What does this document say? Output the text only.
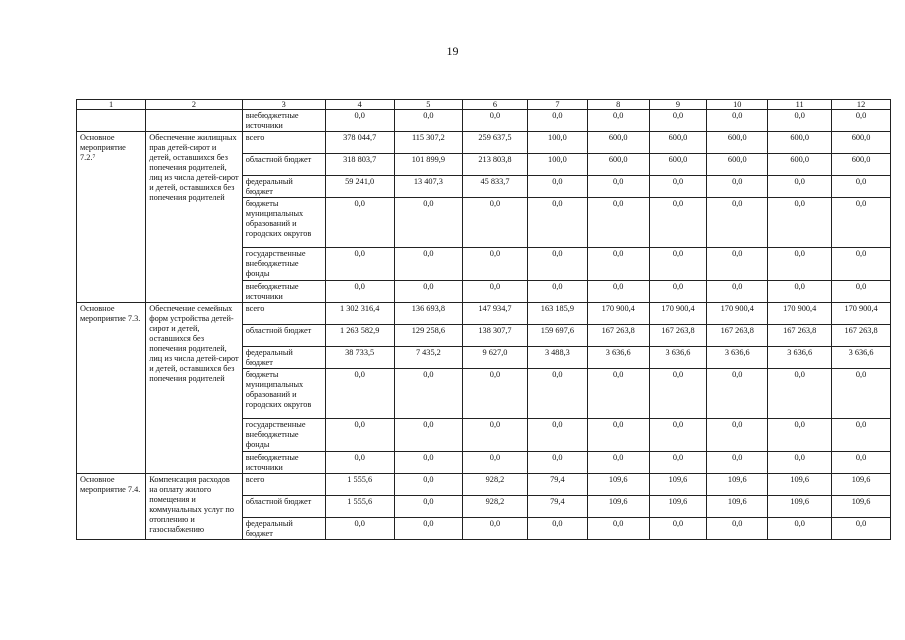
19
1	2	3	4	5	6	7	8	9	10	11	12
		внебюджетные источники	0,0	0,0	0,0	0,0	0,0	0,0	0,0	0,0	0,0
Основное мероприятие 7.2.⁷	Обеспечение жилищных прав детей-сирот и детей, оставшихся без попечения родителей, лиц из числа детей-сирот и детей, оставшихся без попечения родителей	всего	378 044,7	115 307,2	259 637,5	100,0	600,0	600,0	600,0	600,0	600,0
		областной бюджет	318 803,7	101 899,9	213 803,8	100,0	600,0	600,0	600,0	600,0	600,0
		федеральный бюджет	59 241,0	13 407,3	45 833,7	0,0	0,0	0,0	0,0	0,0	0,0
		бюджеты муниципальных образований и городских округов	0,0	0,0	0,0	0,0	0,0	0,0	0,0	0,0	0,0
		государственные внебюджетные фонды	0,0	0,0	0,0	0,0	0,0	0,0	0,0	0,0	0,0
		внебюджетные источники	0,0	0,0	0,0	0,0	0,0	0,0	0,0	0,0	0,0
Основное мероприятие 7.3.	Обеспечение семейных форм устройства детей-сирот и детей, оставшихся без попечения родителей, лиц из числа детей-сирот и детей, оставшихся без попечения родителей	всего	1 302 316,4	136 693,8	147 934,7	163 185,9	170 900,4	170 900,4	170 900,4	170 900,4	170 900,4
		областной бюджет	1 263 582,9	129 258,6	138 307,7	159 697,6	167 263,8	167 263,8	167 263,8	167 263,8	167 263,8
		федеральный бюджет	38 733,5	7 435,2	9 627,0	3 488,3	3 636,6	3 636,6	3 636,6	3 636,6	3 636,6
		бюджеты муниципальных образований и городских округов	0,0	0,0	0,0	0,0	0,0	0,0	0,0	0,0	0,0
		государственные внебюджетные фонды	0,0	0,0	0,0	0,0	0,0	0,0	0,0	0,0	0,0
		внебюджетные источники	0,0	0,0	0,0	0,0	0,0	0,0	0,0	0,0	0,0
Основное мероприятие 7.4.	Компенсация расходов на оплату жилого помещения и коммунальных услуг по отоплению и газоснабжению	всего	1 555,6	0,0	928,2	79,4	109,6	109,6	109,6	109,6	109,6
		областной бюджет	1 555,6	0,0	928,2	79,4	109,6	109,6	109,6	109,6	109,6
		федеральный бюджет	0,0	0,0	0,0	0,0	0,0	0,0	0,0	0,0	0,0
